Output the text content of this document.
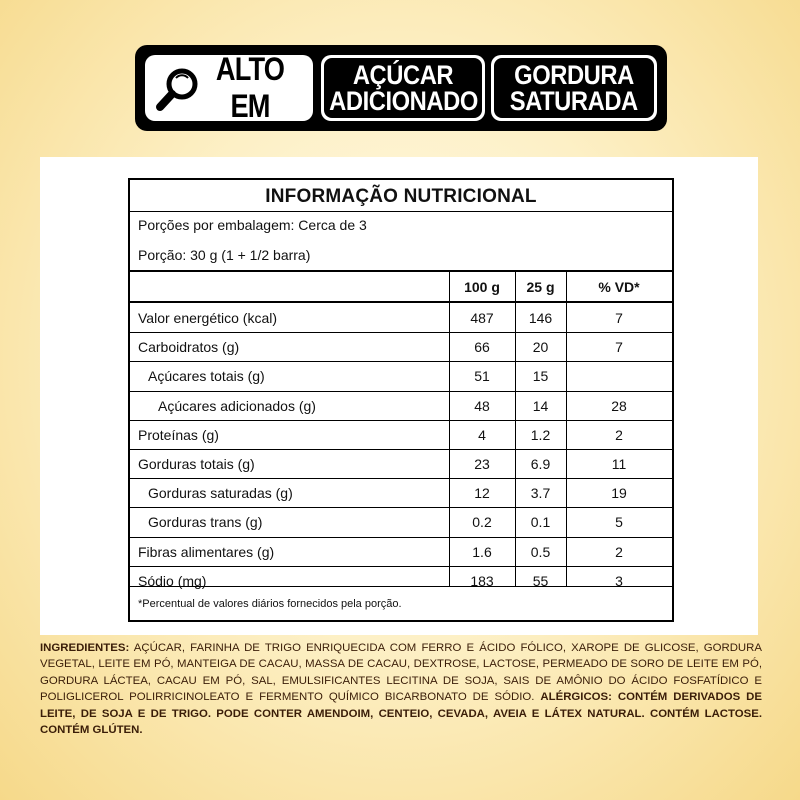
ALTO EM
AÇÚCAR
ADICIONADO
GORDURA
SATURADA
INFORMAÇÃO NUTRICIONAL
Porções por embalagem: Cerca de 3
Porção: 30 g (1 + 1/2 barra)
100 g	25 g	% VD*
*Percentual de valores diários fornecidos pela porção.
Valor energético (kcal)	487	146	7
Carboidratos (g)	66	20	7
Açúcares totais (g)	51	15
Açúcares adicionados (g)	48	14	28
Proteínas (g)	4	1.2	2
Gorduras totais (g)	23	6.9	11
Gorduras saturadas (g)	12	3.7	19
Gorduras trans (g)	0.2	0.1	5
Fibras alimentares (g)	1.6	0.5	2
Sódio (mg)	183	55	3
INGREDIENTES: AÇÚCAR, FARINHA DE TRIGO ENRIQUECIDA COM FERRO E ÁCIDO FÓLICO, XAROPE DE GLICOSE, GORDURA VEGETAL, LEITE EM PÓ, MANTEIGA DE CACAU, MASSA DE CACAU, DEXTROSE, LACTOSE, PERMEADO DE SORO DE LEITE EM PÓ, GORDURA LÁCTEA, CACAU EM PÓ, SAL, EMULSIFICANTES LECITINA DE SOJA, SAIS DE AMÔNIO DO ÁCIDO FOSFATÍDICO E POLIGLICEROL POLIRRICINOLEATO E FERMENTO QUÍMICO BICARBONATO DE SÓDIO. ALÉRGICOS: CONTÉM DERIVADOS DE LEITE, DE SOJA E DE TRIGO. PODE CONTER AMENDOIM, CENTEIO, CEVADA, AVEIA E LÁTEX NATURAL. CONTÉM LACTOSE. CONTÉM GLÚTEN.
